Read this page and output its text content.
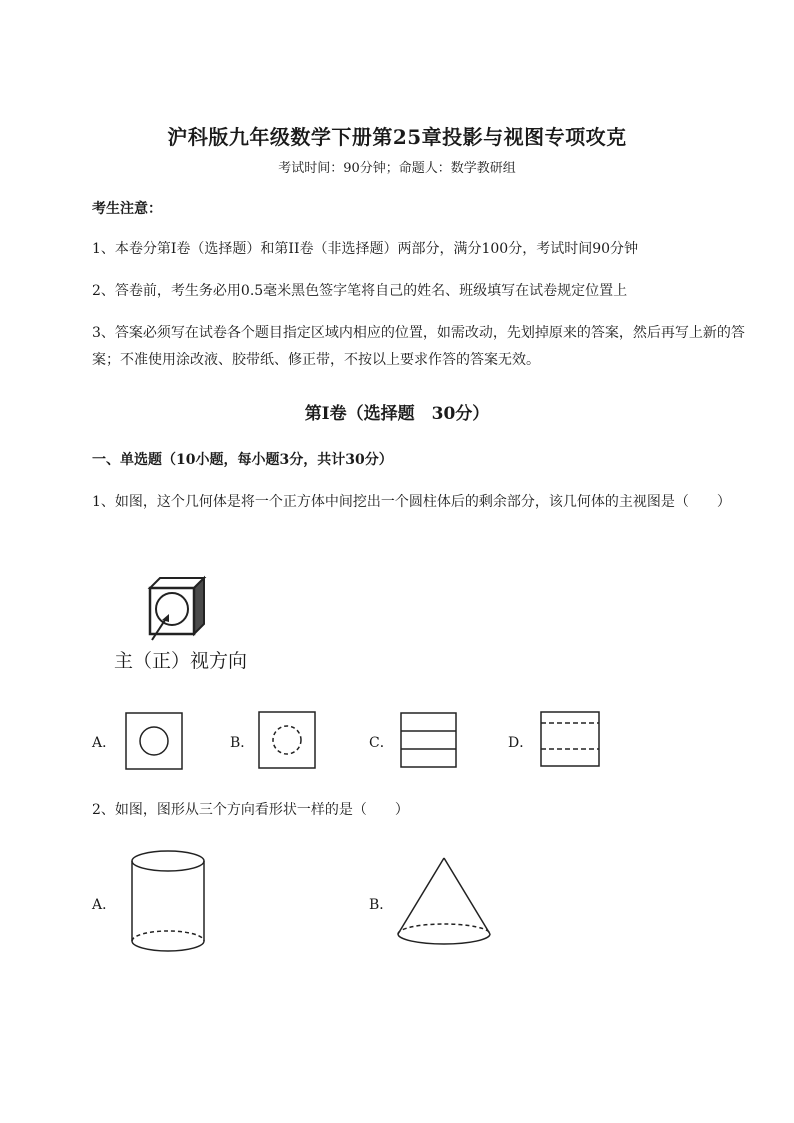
沪科版九年级数学下册第25章投影与视图专项攻克
考试时间：90分钟；命题人：数学教研组
考生注意：
1、本卷分第I卷（选择题）和第II卷（非选择题）两部分，满分100分，考试时间90分钟
2、答卷前，考生务必用0.5毫米黑色签字笔将自己的姓名、班级填写在试卷规定位置上
3、答案必须写在试卷各个题目指定区域内相应的位置，如需改动，先划掉原来的答案，然后再写上新的答案；不准使用涂改液、胶带纸、修正带，不按以上要求作答的答案无效。
第I卷（选择题　30分）
一、单选题（10小题，每小题3分，共计30分）
1、如图，这个几何体是将一个正方体中间挖出一个圆柱体后的剩余部分，该几何体的主视图是（　　）
主（正）视方向
A．	B．	C．	D．
2、如图，图形从三个方向看形状一样的是（　　）
A．	B．
